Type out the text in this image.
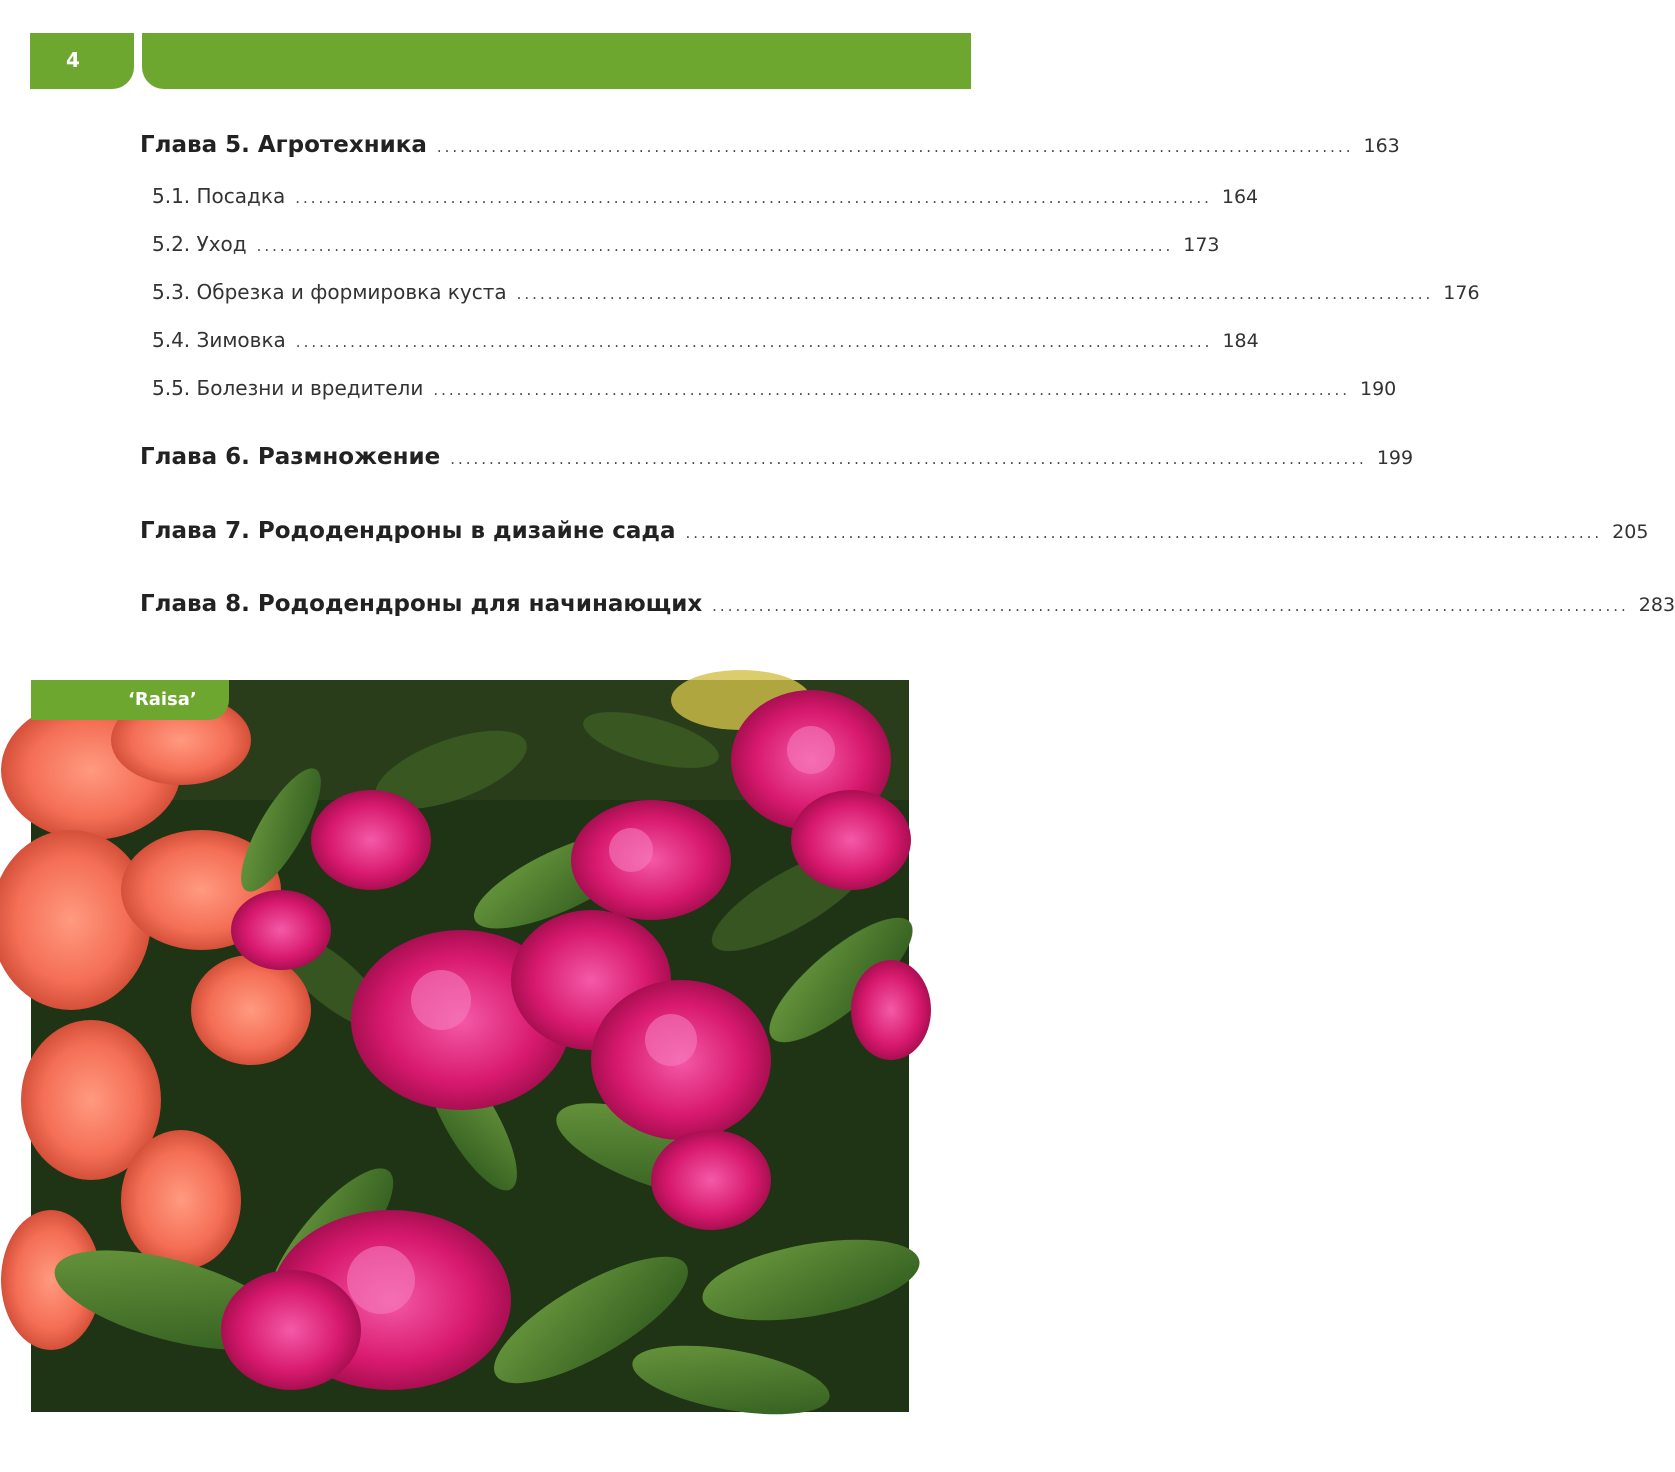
4
Глава 5. Агротехника ...................................................................................................................... 163
5.1. Посадка ...................................................................................................................... 164
5.2. Уход ...................................................................................................................... 173
5.3. Обрезка и формировка куста ...................................................................................................................... 176
5.4. Зимовка ...................................................................................................................... 184
5.5. Болезни и вредители ...................................................................................................................... 190
Глава 6. Размножение ...................................................................................................................... 199
Глава 7. Рододендроны в дизайне сада ...................................................................................................................... 205
Глава 8. Рододендроны для начинающих ...................................................................................................................... 283
‘Raisa’
